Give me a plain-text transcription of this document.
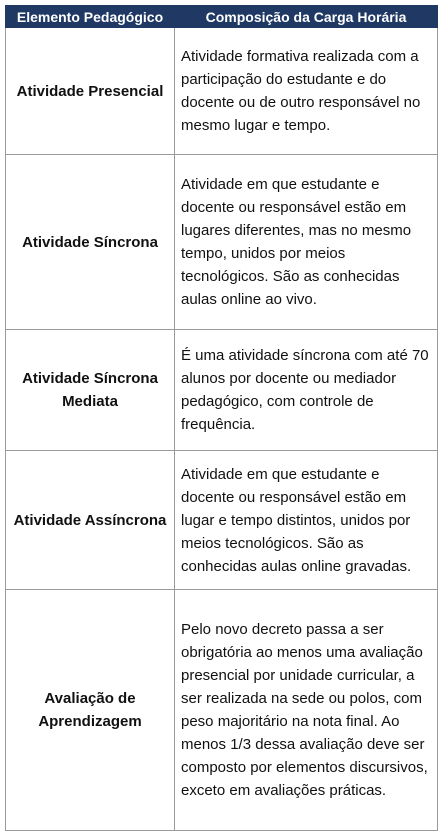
Elemento Pedagógico	Composição da Carga Horária
Atividade Presencial	Atividade formativa realizada com a participação do estudante e do docente ou de outro responsável no mesmo lugar e tempo.
Atividade Síncrona	Atividade em que estudante e docente ou responsável estão em lugares diferentes, mas no mesmo tempo, unidos por meios tecnológicos. São as conhecidas aulas online ao vivo.
Atividade Síncrona Mediata	É uma atividade síncrona com até 70 alunos por docente ou mediador pedagógico, com controle de frequência.
Atividade Assíncrona	Atividade em que estudante e docente ou responsável estão em lugar e tempo distintos, unidos por meios tecnológicos. São as conhecidas aulas online gravadas.
Avaliação de Aprendizagem	Pelo novo decreto passa a ser obrigatória ao menos uma avaliação presencial por unidade curricular, a ser realizada na sede ou polos, com peso majoritário na nota final. Ao menos 1/3 dessa avaliação deve ser composto por elementos discursivos, exceto em avaliações práticas.
